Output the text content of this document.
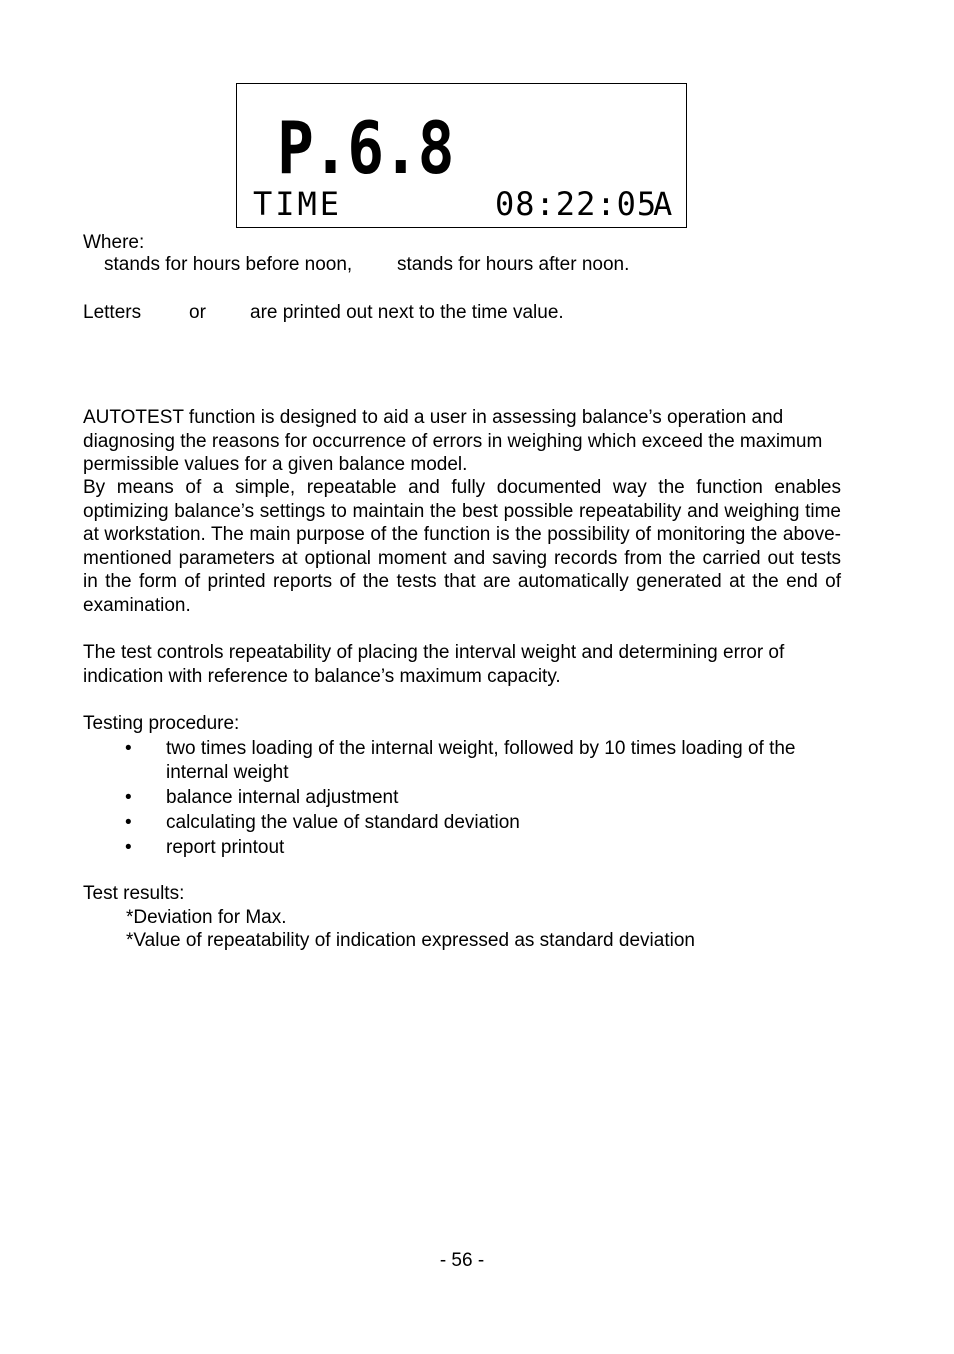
P.6.8
TIME	08:22:05
A

Where:

stands for hours before noon, stands for hours after noon.

Letters	or are printed out next to the time value.

AUTOTEST function is designed to aid a user in assessing balance’s operation and diagnosing the reasons for occurrence of errors in weighing which exceed the maximum permissible values for a given balance model.

By means of a simple, repeatable and fully documented way the function enables optimizing balance’s settings to maintain the best possible repeatability and weighing time at workstation. The main purpose of the function is the possibility of monitoring the above-mentioned parameters at optional moment and saving records from the carried out tests in the form of printed reports of the tests that are automatically generated at the end of examination.

The test controls repeatability of placing the interval weight and determining error of indication with reference to balance’s maximum capacity.

Testing procedure:

• two times loading of the internal weight, followed by 10 times loading of the internal weight
• balance internal adjustment
• calculating the value of standard deviation
• report printout

Test results:

*Deviation for Max.

*Value of repeatability of indication expressed as standard deviation

- 56 -
